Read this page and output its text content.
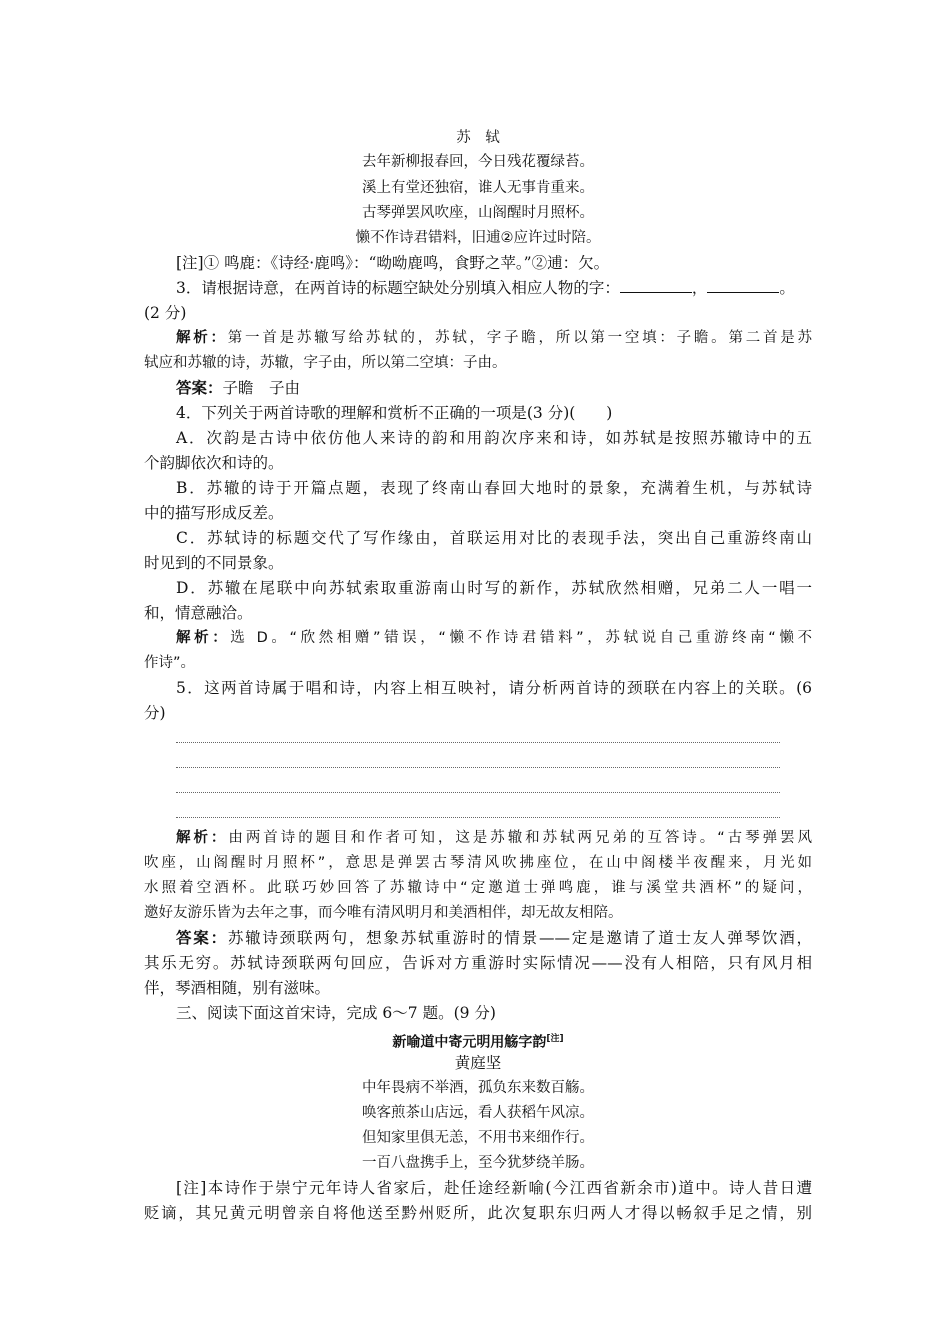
苏　轼
去年新柳报春回，今日残花覆绿苔。
溪上有堂还独宿，谁人无事肯重来。
古琴弹罢风吹座，山阁醒时月照杯。
懒不作诗君错料，旧逋②应许过时陪。
[注]① 鸣鹿：《诗经·鹿鸣》：“呦呦鹿鸣，食野之苹。”②逋：欠。
3．请根据诗意，在两首诗的标题空缺处分别填入相应人物的字：	，	。
(2 分)
解析：第一首是苏辙写给苏轼的，苏轼，字子瞻，所以第一空填：子瞻。第二首是苏
轼应和苏辙的诗，苏辙，字子由，所以第二空填：子由。
答案：子瞻　子由
4．下列关于两首诗歌的理解和赏析不正确的一项是(3 分)(　　)
A．次韵是古诗中依仿他人来诗的韵和用韵次序来和诗，如苏轼是按照苏辙诗中的五
个韵脚依次和诗的。
B．苏辙的诗于开篇点题，表现了终南山春回大地时的景象，充满着生机，与苏轼诗
中的描写形成反差。
C．苏轼诗的标题交代了写作缘由，首联运用对比的表现手法，突出自己重游终南山
时见到的不同景象。
D．苏辙在尾联中向苏轼索取重游南山时写的新作，苏轼欣然相赠，兄弟二人一唱一
和，情意融洽。
解析：选 D。“欣然相赠”错误，“懒不作诗君错料”，苏轼说自己重游终南“懒不
作诗”。
5．这两首诗属于唱和诗，内容上相互映衬，请分析两首诗的颈联在内容上的关联。(6
分)
解析：由两首诗的题目和作者可知，这是苏辙和苏轼两兄弟的互答诗。“古琴弹罢风
吹座，山阁醒时月照杯”，意思是弹罢古琴清风吹拂座位，在山中阁楼半夜醒来，月光如
水照着空酒杯。此联巧妙回答了苏辙诗中“定邀道士弹鸣鹿，谁与溪堂共酒杯”的疑问，
邀好友游乐皆为去年之事，而今唯有清风明月和美酒相伴，却无故友相陪。
答案：苏辙诗颈联两句，想象苏轼重游时的情景——定是邀请了道士友人弹琴饮酒，
其乐无穷。苏轼诗颈联两句回应，告诉对方重游时实际情况——没有人相陪，只有风月相
伴，琴酒相随，别有滋味。
三、阅读下面这首宋诗，完成 6～7 题。(9 分)
新喻道中寄元明用觞字韵[注]
黄庭坚
中年畏病不举酒，孤负东来数百觞。
唤客煎茶山店远，看人获稻午风凉。
但知家里俱无恙，不用书来细作行。
一百八盘携手上，至今犹梦绕羊肠。
[注]本诗作于崇宁元年诗人省家后，赴任途经新喻(今江西省新余市)道中。诗人昔日遭
贬谪，其兄黄元明曾亲自将他送至黔州贬所，此次复职东归两人才得以畅叙手足之情，别
